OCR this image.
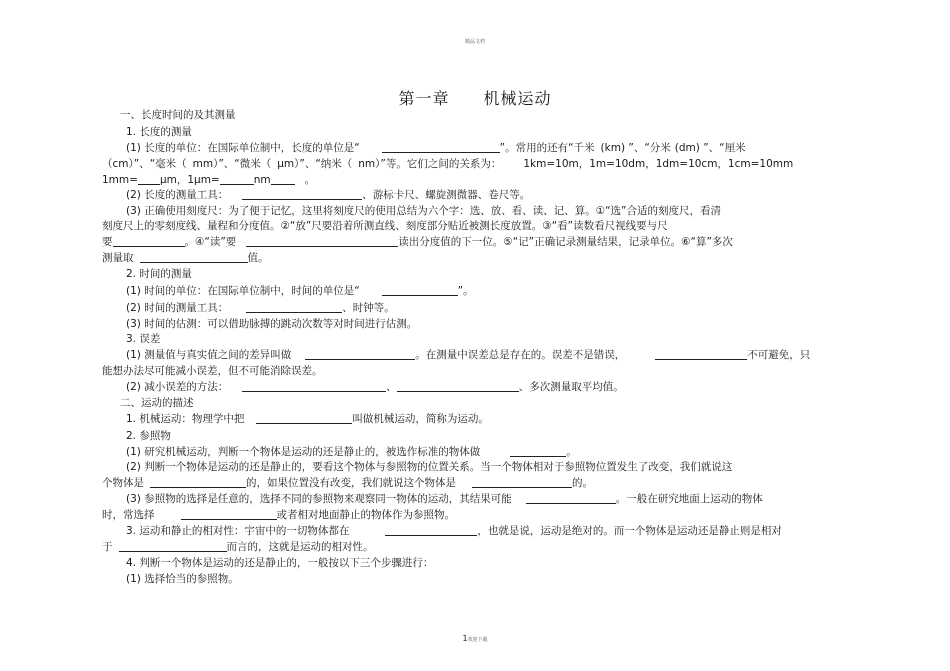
精品文档
第一章 机械运动
一、长度时间的及其测量
1. 长度的测量
(1) 长度的单位：在国际单位制中，长度的单位是“	”。常用的还有“千米 (km) ”、“分米 (dm) ”、“厘米
（cm）”、“毫米（ mm）”、“微米（ μm）”、“纳米（ nm）”等。它们之间的关系为： 1km=10m，1m=10dm，1dm=10cm，1cm=10mm
1mm= μm，1μm=	nm	。
(2) 长度的测量工具：	、游标卡尺、螺旋测微器、卷尺等。
(3) 正确使用刻度尺：为了便于记忆，这里将刻度尺的使用总结为六个字：选、放、看、读、记、算。①“选”合适的刻度尺，看清
刻度尺上的零刻度线、量程和分度值。②“放”尺要沿着所测直线、刻度部分贴近被测长度放置。③“看”读数看尺视线要与尺
要	。④“读”要	读出分度值的下一位。⑤“记”正确记录测量结果，记录单位。⑥“算”多次
测量取	值。
2. 时间的测量
(1) 时间的单位：在国际单位制中，时间的单位是“	”。
(2) 时间的测量工具：	、时钟等。
(3) 时间的估测：可以借助脉搏的跳动次数等对时间进行估测。
3. 误差
(1) 测量值与真实值之间的差异叫做	。在测量中误差总是存在的。误差不是错误，	不可避免，只
能想办法尽可能减小误差，但不可能消除误差。
(2) 减小误差的方法：	、	、多次测量取平均值。
二、运动的描述
1. 机械运动：物理学中把	叫做机械运动，简称为运动。
2. 参照物
(1) 研究机械运动，判断一个物体是运动的还是静止的，被选作标准的物体做	。
(2) 判断一个物体是运动的还是静止的，要看这个物体与参照物的位置关系。当一个物体相对于参照物位置发生了改变，我们就说这
个物体是	的，如果位置没有改变，我们就说这个物体是	的。
(3) 参照物的选择是任意的，选择不同的参照物来观察同一物体的运动，其结果可能	。一般在研究地面上运动的物体
时，常选择	或者相对地面静止的物体作为参照物。
3. 运动和静止的相对性：宇宙中的一切物体都在	，也就是说，运动是绝对的。而一个物体是运动还是静止则是相对
于	而言的，这就是运动的相对性。
4. 判断一个物体是运动的还是静止的，一般按以下三个步骤进行：
(1) 选择恰当的参照物。
1欢迎下载
